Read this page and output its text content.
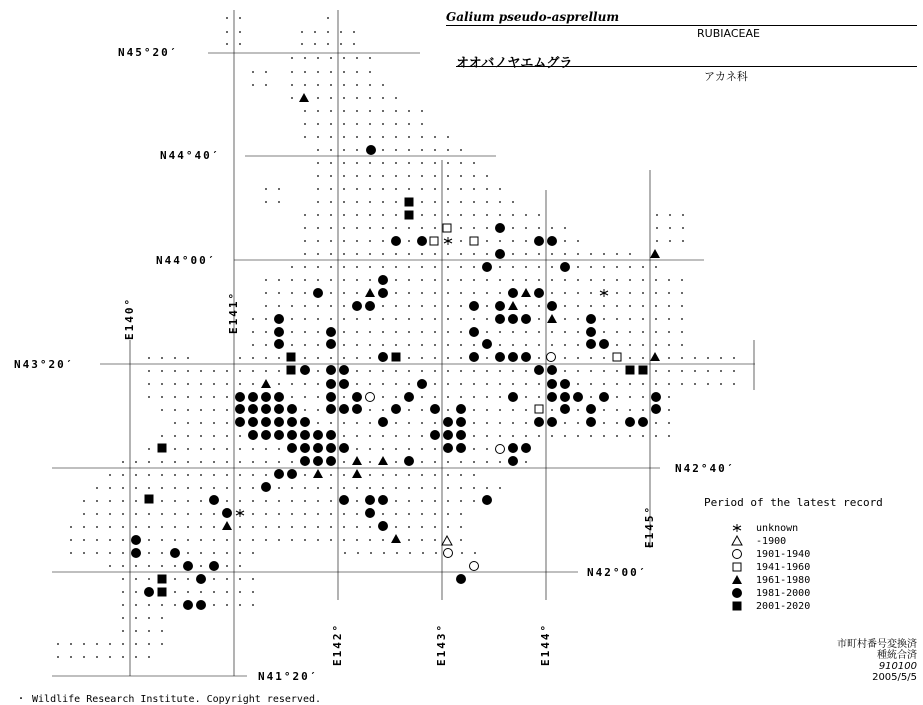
N45°20′
N44°40′
N44°00′
N43°20′
N42°40′
N42°00′
N41°20′
E140°	E141°
E142°	E143°	E144°
E145°
Galium pseudo-asprellum
RUBIACEAE
オオバノヤエムグラ
アカネ科
Period of the latest record
unknown
-1900
1901-1940
1941-1960
1961-1980
1981-2000
2001-2020
・ Wildlife Research Institute. Copyright reserved.
市町村番号変換済
種統合済
910100
2005/5/5
